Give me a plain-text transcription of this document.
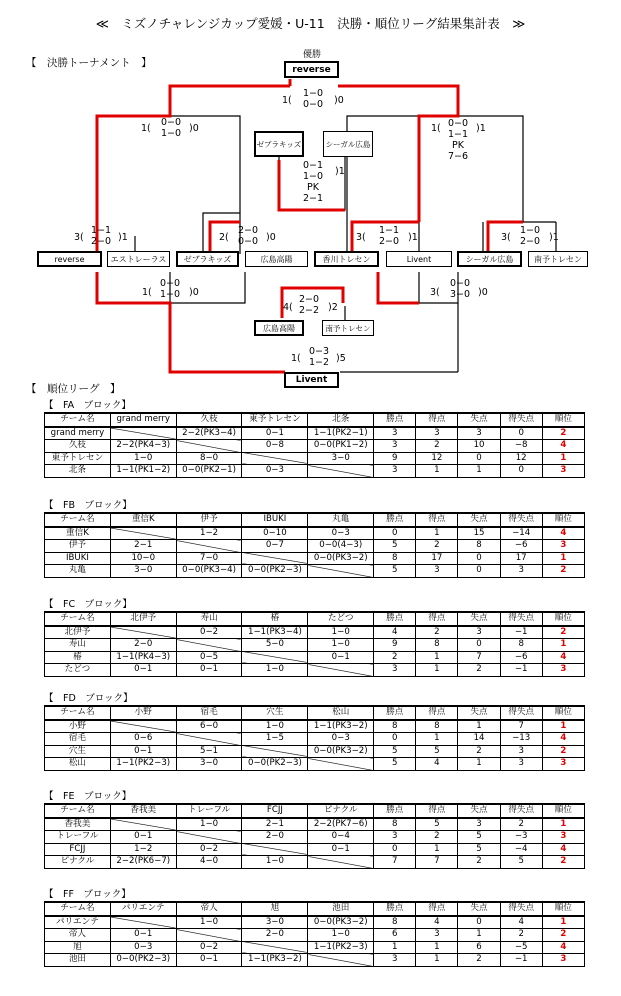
≪　ミズノチャレンジカップ愛媛・U-11　決勝・順位リーグ結果集計表　≫
【　決勝トーナメント　】
優勝
reverse
1(
1−0
0−0	)0
1(
0−0
1−0 )0	1( 0−0
1−1
PK
7−6
)1
ゼブラキッズ	シーガル広島
0−1
1−0
PK
2−1
)1
3(
1−1
2−0 )1	2(
2−0
0−0 )0	3(
1−1
2−0 )1	3(
1−0
2−0 )1
reverse	エストレーラス	ゼブラキッズ	広島高陽	香川トレセン	Livent	シーガル広島	南予トレセン
1(
0−0
1−0 )0	3(
0−0
3−0 )0
4(
2−0
2−2 )2
広島高陽	南予トレセン
1(
0−3
1−2 )5
Livent
【　順位リーグ　】
【　FA　ブロック】
チーム名	grand merry	久枝	東予トレセン	北条	勝点	得点	失点	得失点	順位
grand merry		2−2(PK3−4)	0−1	1−1(PK2−1)	3	3	3	0	2
久枝	2−2(PK4−3)		0−8	0−0(PK1−2)	3	2	10	−8	4
東予トレセン	1−0	8−0		3−0	9	12	0	12	1
北条	1−1(PK1−2)	0−0(PK2−1)	0−3		3	1	1	0	3
【　FB　ブロック】
チーム名	重信K	伊予	IBUKI	丸亀	勝点	得点	失点	得失点	順位
重信K		1−2	0−10	0−3	0	1	15	−14	4
伊予	2−1		0−7	0−0(4−3)	5	2	8	−6	3
IBUKI	10−0	7−0		0−0(PK3−2)	8	17	0	17	1
丸亀	3−0	0−0(PK3−4)	0−0(PK2−3)		5	3	0	3	2
【　FC　ブロック】
チーム名	北伊予	寿山	椿	たどつ	勝点	得点	失点	得失点	順位
北伊予		0−2	1−1(PK3−4)	1−0	4	2	3	−1	2
寿山	2−0		5−0	1−0	9	8	0	8	1
椿	1−1(PK4−3)	0−5		0−1	2	1	7	−6	4
たどつ	0−1	0−1	1−0		3	1	2	−1	3
【　FD　ブロック】
チーム名	小野	宿毛	穴生	松山	勝点	得点	失点	得失点	順位
小野		6−0	1−0	1−1(PK3−2)	8	8	1	7	1
宿毛	0−6		1−5	0−3	0	1	14	−13	4
穴生	0−1	5−1		0−0(PK3−2)	5	5	2	3	2
松山	1−1(PK2−3)	3−0	0−0(PK2−3)		5	4	1	3	3
【　FE　ブロック】
チーム名	香我美	トレーフル	FCJJ	ピナクル	勝点	得点	失点	得失点	順位
香我美		1−0	2−1	2−2(PK7−6)	8	5	3	2	1
トレーフル	0−1		2−0	0−4	3	2	5	−3	3
FCJJ	1−2	0−2		0−1	0	1	5	−4	4
ピナクル	2−2(PK6−7)	4−0	1−0		7	7	2	5	2
【　FF　ブロック】
チーム名	パリエンテ	帝人	旭	池田	勝点	得点	失点	得失点	順位
パリエンテ		1−0	3−0	0−0(PK3−2)	8	4	0	4	1
帝人	0−1		2−0	1−0	6	3	1	2	2
旭	0−3	0−2		1−1(PK2−3)	1	1	6	−5	4
池田	0−0(PK2−3)	0−1	1−1(PK3−2)		3	1	2	−1	3
